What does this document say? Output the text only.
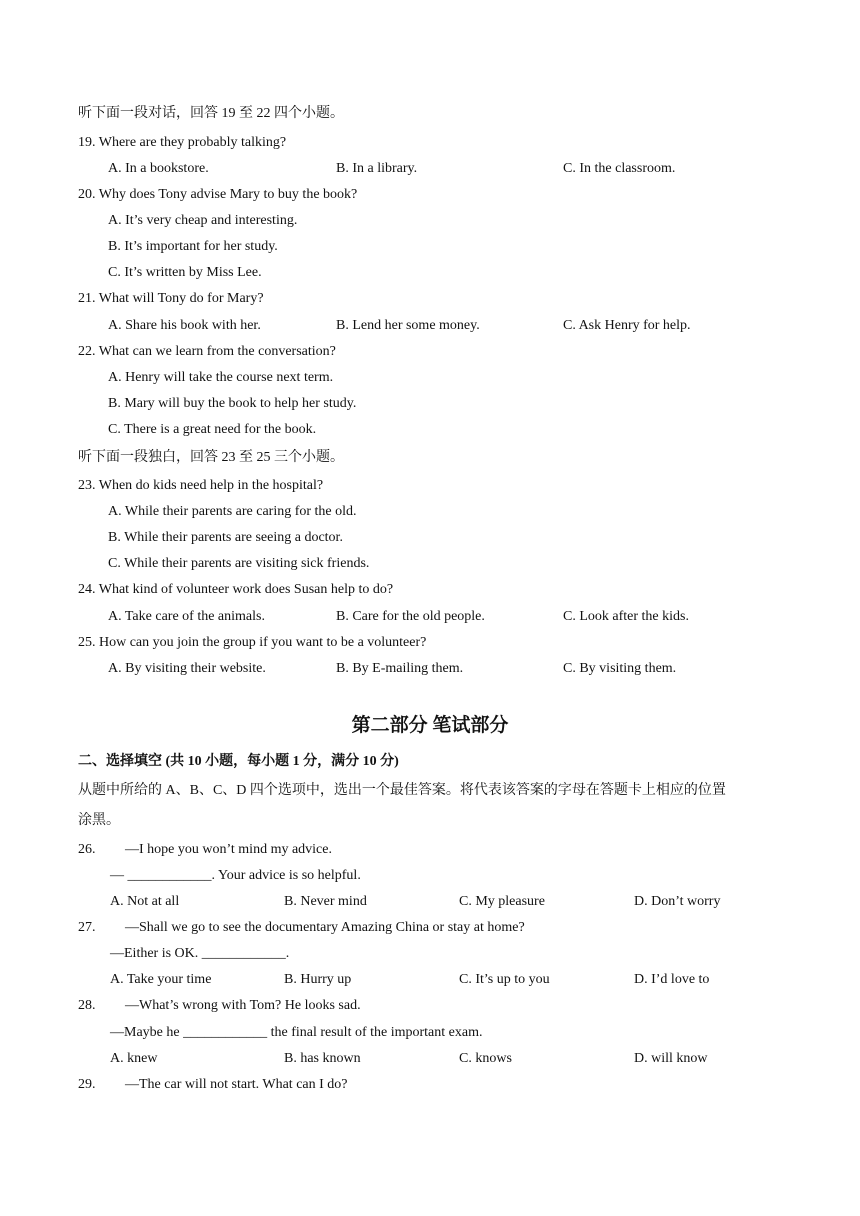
听下面一段对话，回答 19 至 22 四个小题。
19. Where are they probably talking?
A. In a bookstore.	B. In a library.	C. In the classroom.
20. Why does Tony advise Mary to buy the book?
A. It’s very cheap and interesting.
B. It’s important for her study.
C. It’s written by Miss Lee.
21. What will Tony do for Mary?
A. Share his book with her.	B. Lend her some money.	C. Ask Henry for help.
22. What can we learn from the conversation?
A. Henry will take the course next term.
B. Mary will buy the book to help her study.
C. There is a great need for the book.
听下面一段独白，回答 23 至 25 三个小题。
23. When do kids need help in the hospital?
A. While their parents are caring for the old.
B. While their parents are seeing a doctor.
C. While their parents are visiting sick friends.
24. What kind of volunteer work does Susan help to do?
A. Take care of the animals.	B. Care for the old people.	C. Look after the kids.
25. How can you join the group if you want to be a volunteer?
A. By visiting their website.	B. By E-mailing them.	C. By visiting them.
第二部分 笔试部分
二、选择填空 (共 10 小题，每小题 1 分，满分 10 分)
从题中所给的 A、B、C、D 四个选项中，选出一个最佳答案。将代表该答案的字母在答题卡上相应的位置
涂黑。
26. —I hope you won’t mind my advice.
— ____________. Your advice is so helpful.
A. Not at all	B. Never mind	C. My pleasure	D. Don’t worry
27. —Shall we go to see the documentary Amazing China or stay at home?
—Either is OK. ____________.
A. Take your time	B. Hurry up	C. It’s up to you	D. I’d love to
28. —What’s wrong with Tom? He looks sad.
—Maybe he ____________ the final result of the important exam.
A. knew	B. has known	C. knows	D. will know
29. —The car will not start. What can I do?
